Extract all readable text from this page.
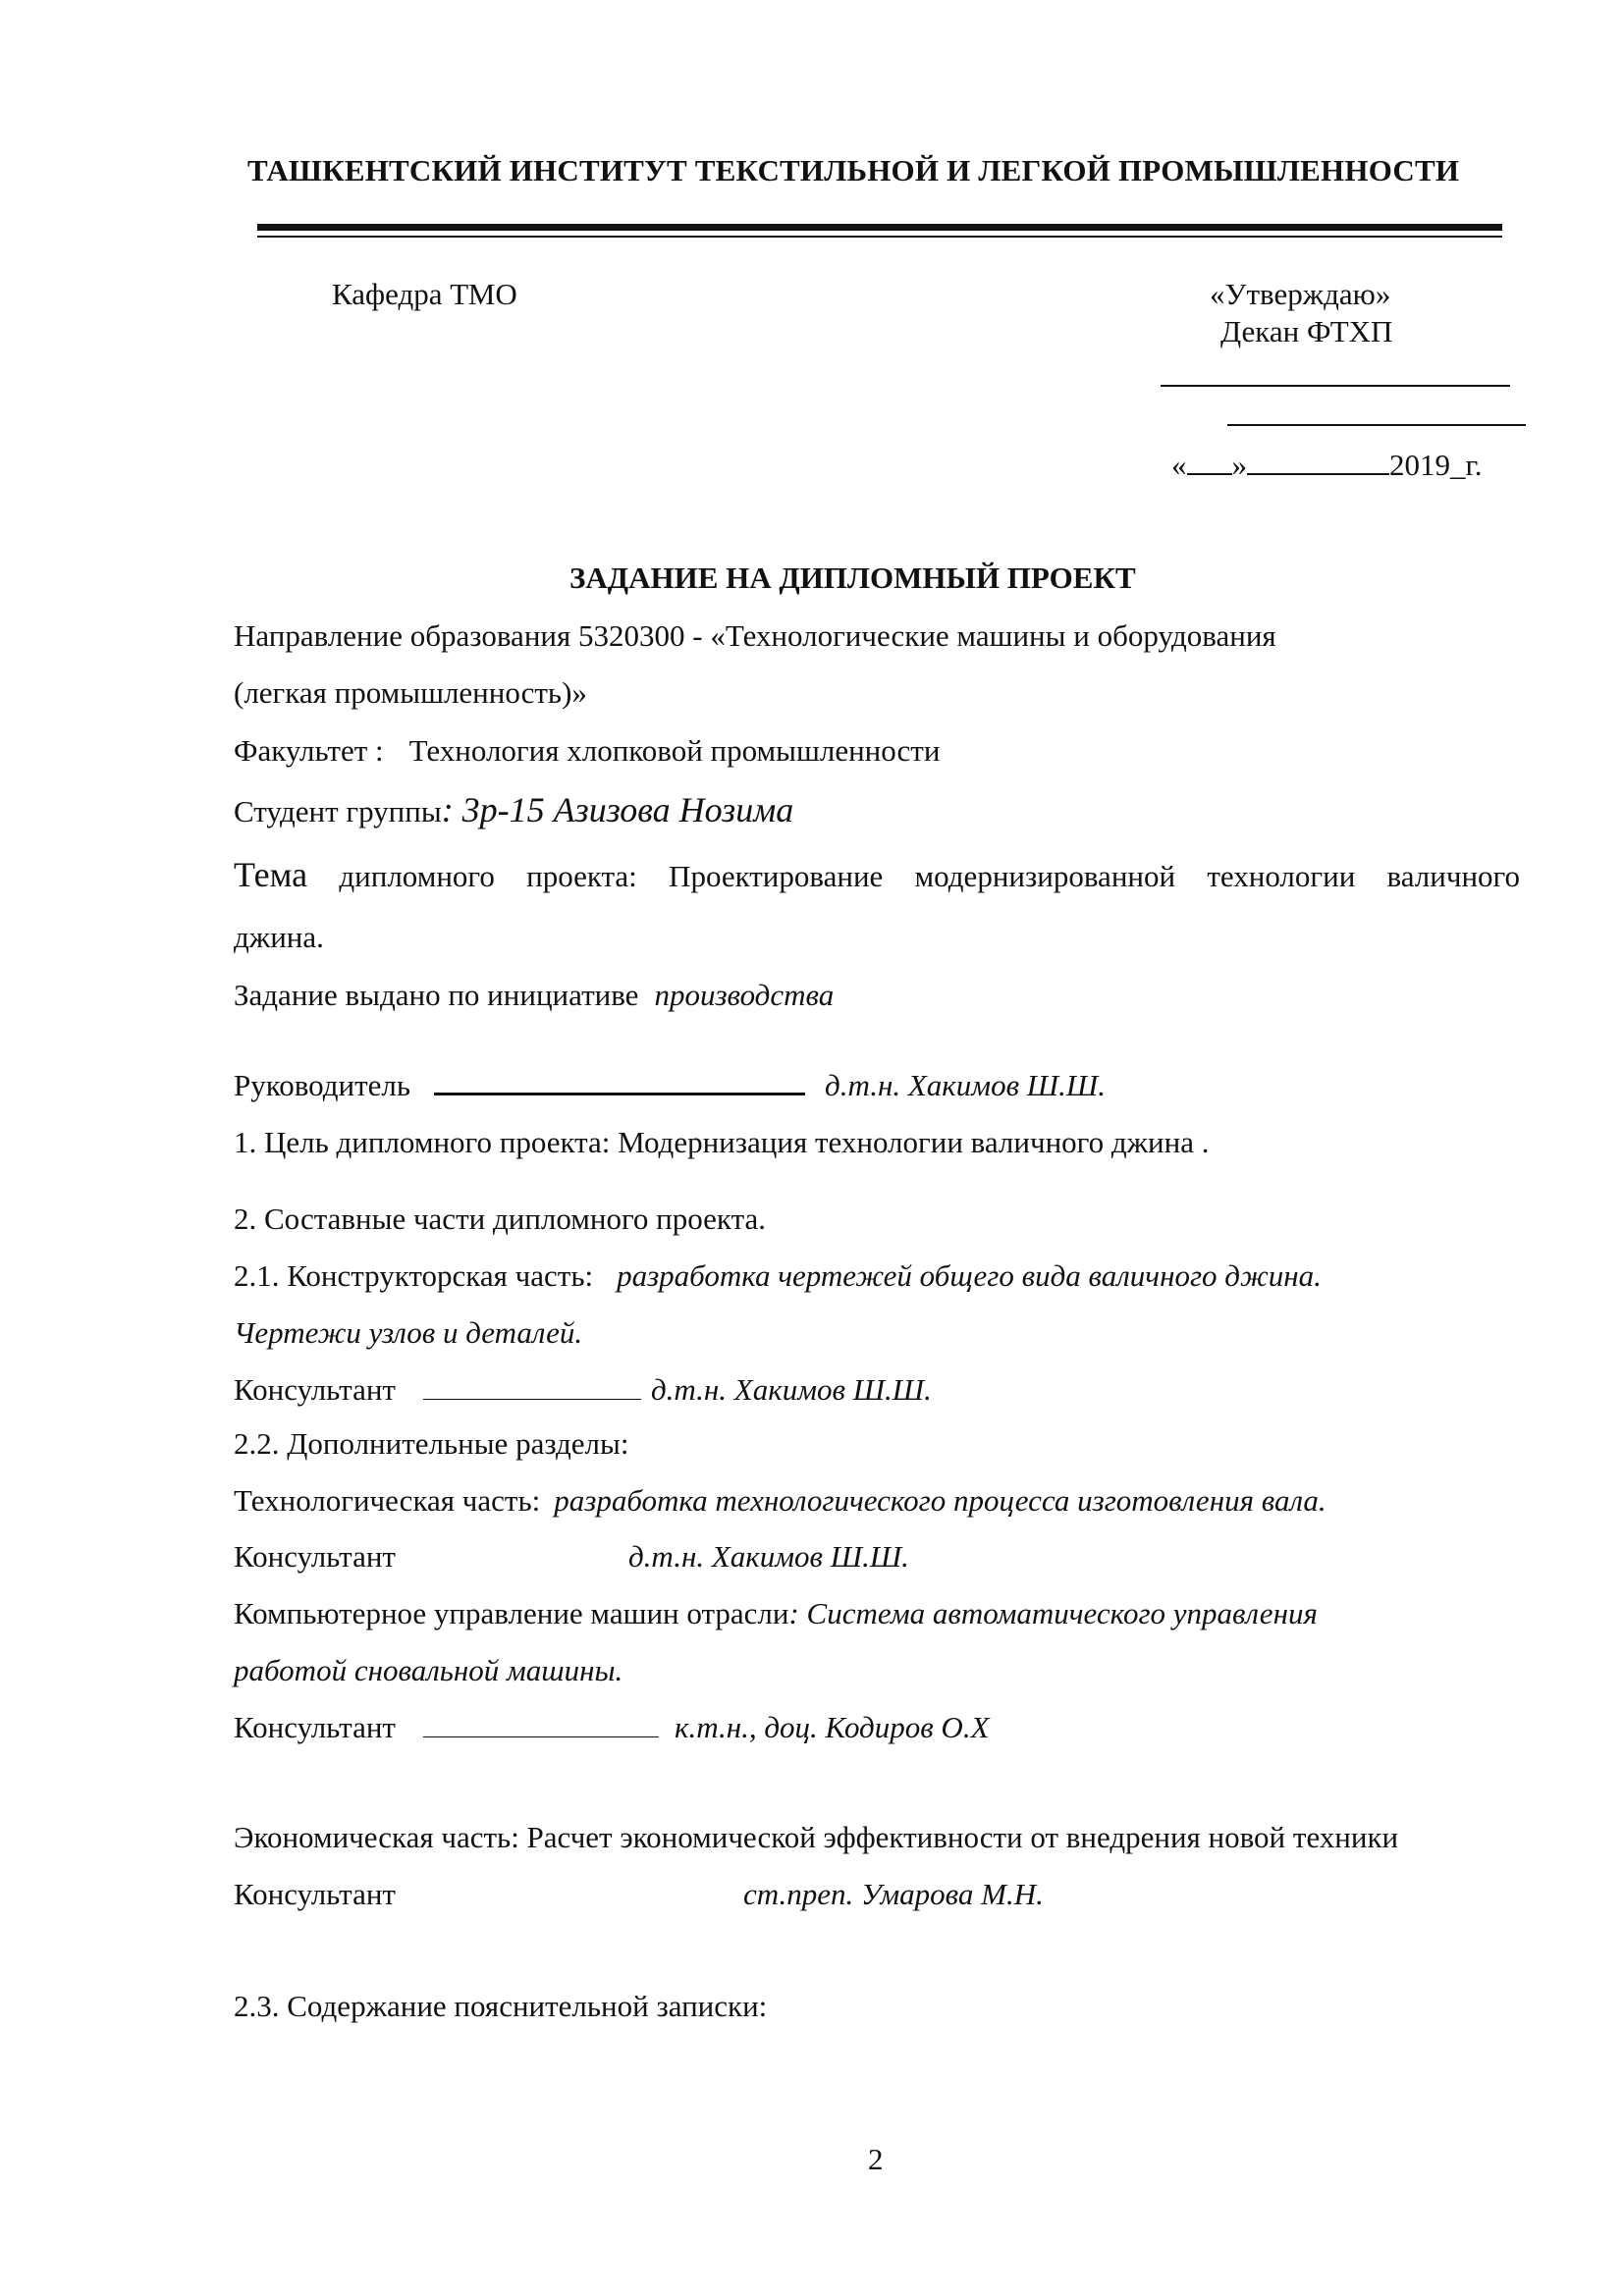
ТАШКЕНТСКИЙ ИНСТИТУТ ТЕКСТИЛЬНОЙ И ЛЕГКОЙ ПРОМЫШЛЕННОСТИ
Кафедра ТМО	«Утверждаю»
Декан ФТХП
« »	2019_г.
ЗАДАНИЕ НА ДИПЛОМНЫЙ ПРОЕКТ
Направление образования 5320300 - «Технологические машины и оборудования
(легкая промышленность)»
Факультет : Технология хлопковой промышленности
Студент группы: 3р-15 Азизова Нозима
Тема дипломного проекта: Проектирование модернизированной технологии валичного
джина.
Задание выдано по инициативе производства
Руководитель	д.т.н. Хакимов Ш.Ш.
1. Цель дипломного проекта: Модернизация технологии валичного джина .
2. Составные части дипломного проекта.
2.1. Конструкторская часть: разработка чертежей общего вида валичного джина.
Чертежи узлов и деталей.
Консультант	д.т.н. Хакимов Ш.Ш.
2.2. Дополнительные разделы:
Технологическая часть: разработка технологического процесса изготовления вала.
Консультант	д.т.н. Хакимов Ш.Ш.
Компьютерное управление машин отрасли: Система автоматического управления
работой сновальной машины.
Консультант	к.т.н., доц. Кодиров О.Х
Экономическая часть: Расчет экономической эффективности от внедрения новой техники
Консультант	ст.преп. Умарова М.Н.
2.3. Содержание пояснительной записки:
2
